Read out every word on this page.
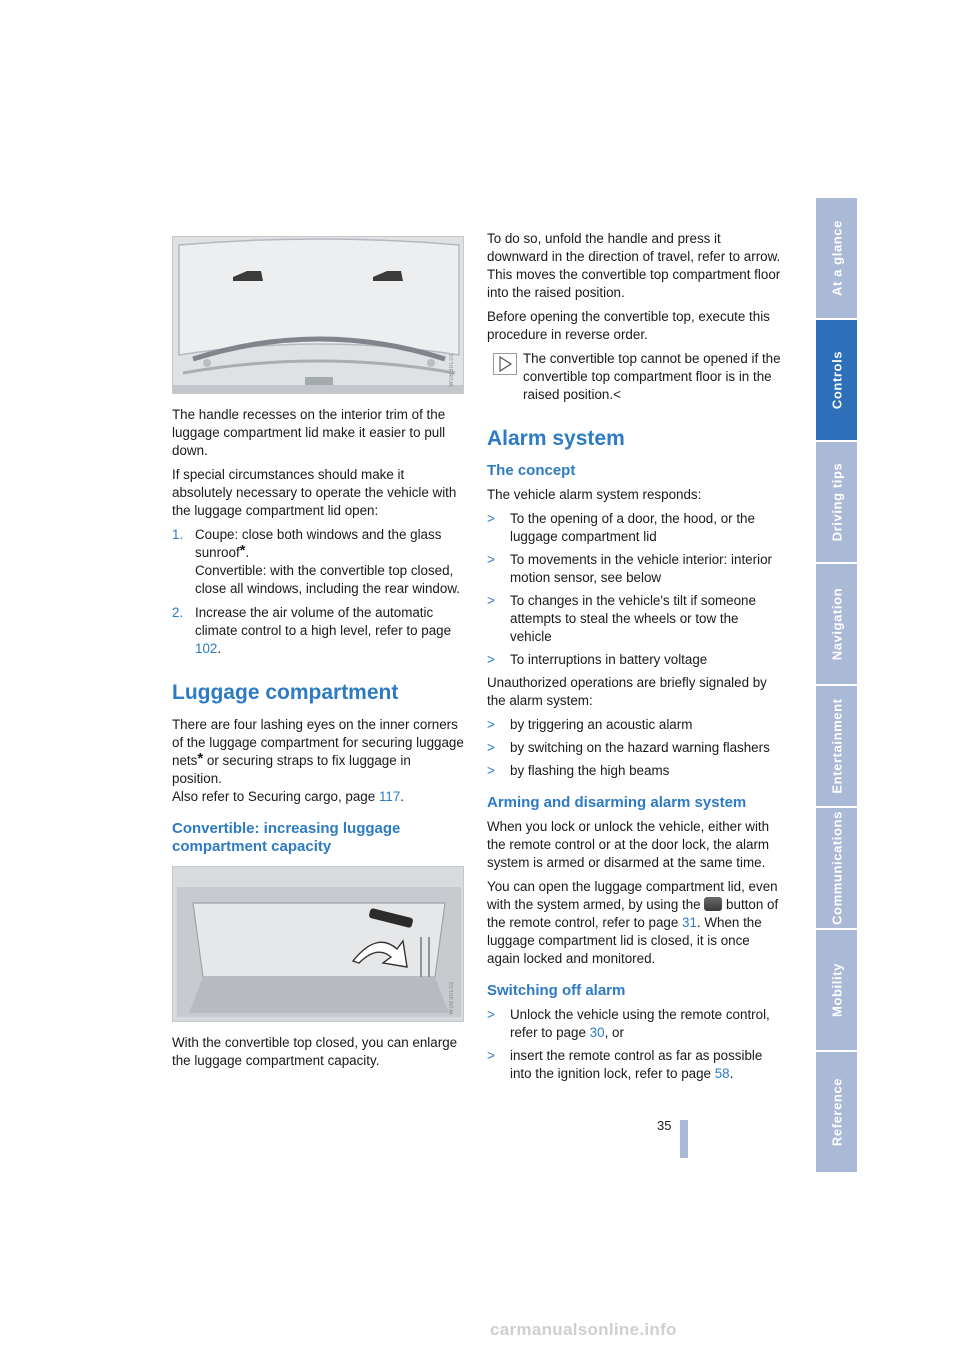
At a glance
Controls
Driving tips
Navigation
Entertainment
Communications
Mobility
Reference
W0B30L01

The handle recesses on the interior trim of the luggage compartment lid make it easier to pull down.

If special circumstances should make it absolutely necessary to operate the vehicle with the luggage compartment lid open:

1. Coupe: close both windows and the glass sunroof*.
Convertible: with the convertible top closed, close all windows, including the rear window.
2. Increase the air volume of the automatic climate control to a high level, refer to page 102.
Luggage compartment

There are four lashing eyes on the inner corners of the luggage compartment for securing luggage nets* or securing straps to fix luggage in position.
Also refer to Securing cargo, page 117.

Convertible: increasing luggage compartment capacity
W0B30L02

With the convertible top closed, you can enlarge the luggage compartment capacity.

To do so, unfold the handle and press it downward in the direction of travel, refer to arrow. This moves the convertible top compartment floor into the raised position.

Before opening the convertible top, execute this procedure in reverse order.

The convertible top cannot be opened if the convertible top compartment floor is in the raised position.<
Alarm system
The concept

The vehicle alarm system responds:

>	To the opening of a door, the hood, or the luggage compartment lid
>	To movements in the vehicle interior: interior motion sensor, see below
>	To changes in the vehicle's tilt if someone attempts to steal the wheels or tow the vehicle
>	To interruptions in battery voltage

Unauthorized operations are briefly signaled by the alarm system:

>	by triggering an acoustic alarm
>	by switching on the hazard warning flashers
>	by flashing the high beams
Arming and disarming alarm system

When you lock or unlock the vehicle, either with the remote control or at the door lock, the alarm system is armed or disarmed at the same time.

You can open the luggage compartment lid, even with the system armed, by using the  button of the remote control, refer to page 31. When the luggage compartment lid is closed, it is once again locked and monitored.

Switching off alarm
>	Unlock the vehicle using the remote control, refer to page 30, or
>	insert the remote control as far as possible into the ignition lock, refer to page 58.
35
carmanualsonline.info
